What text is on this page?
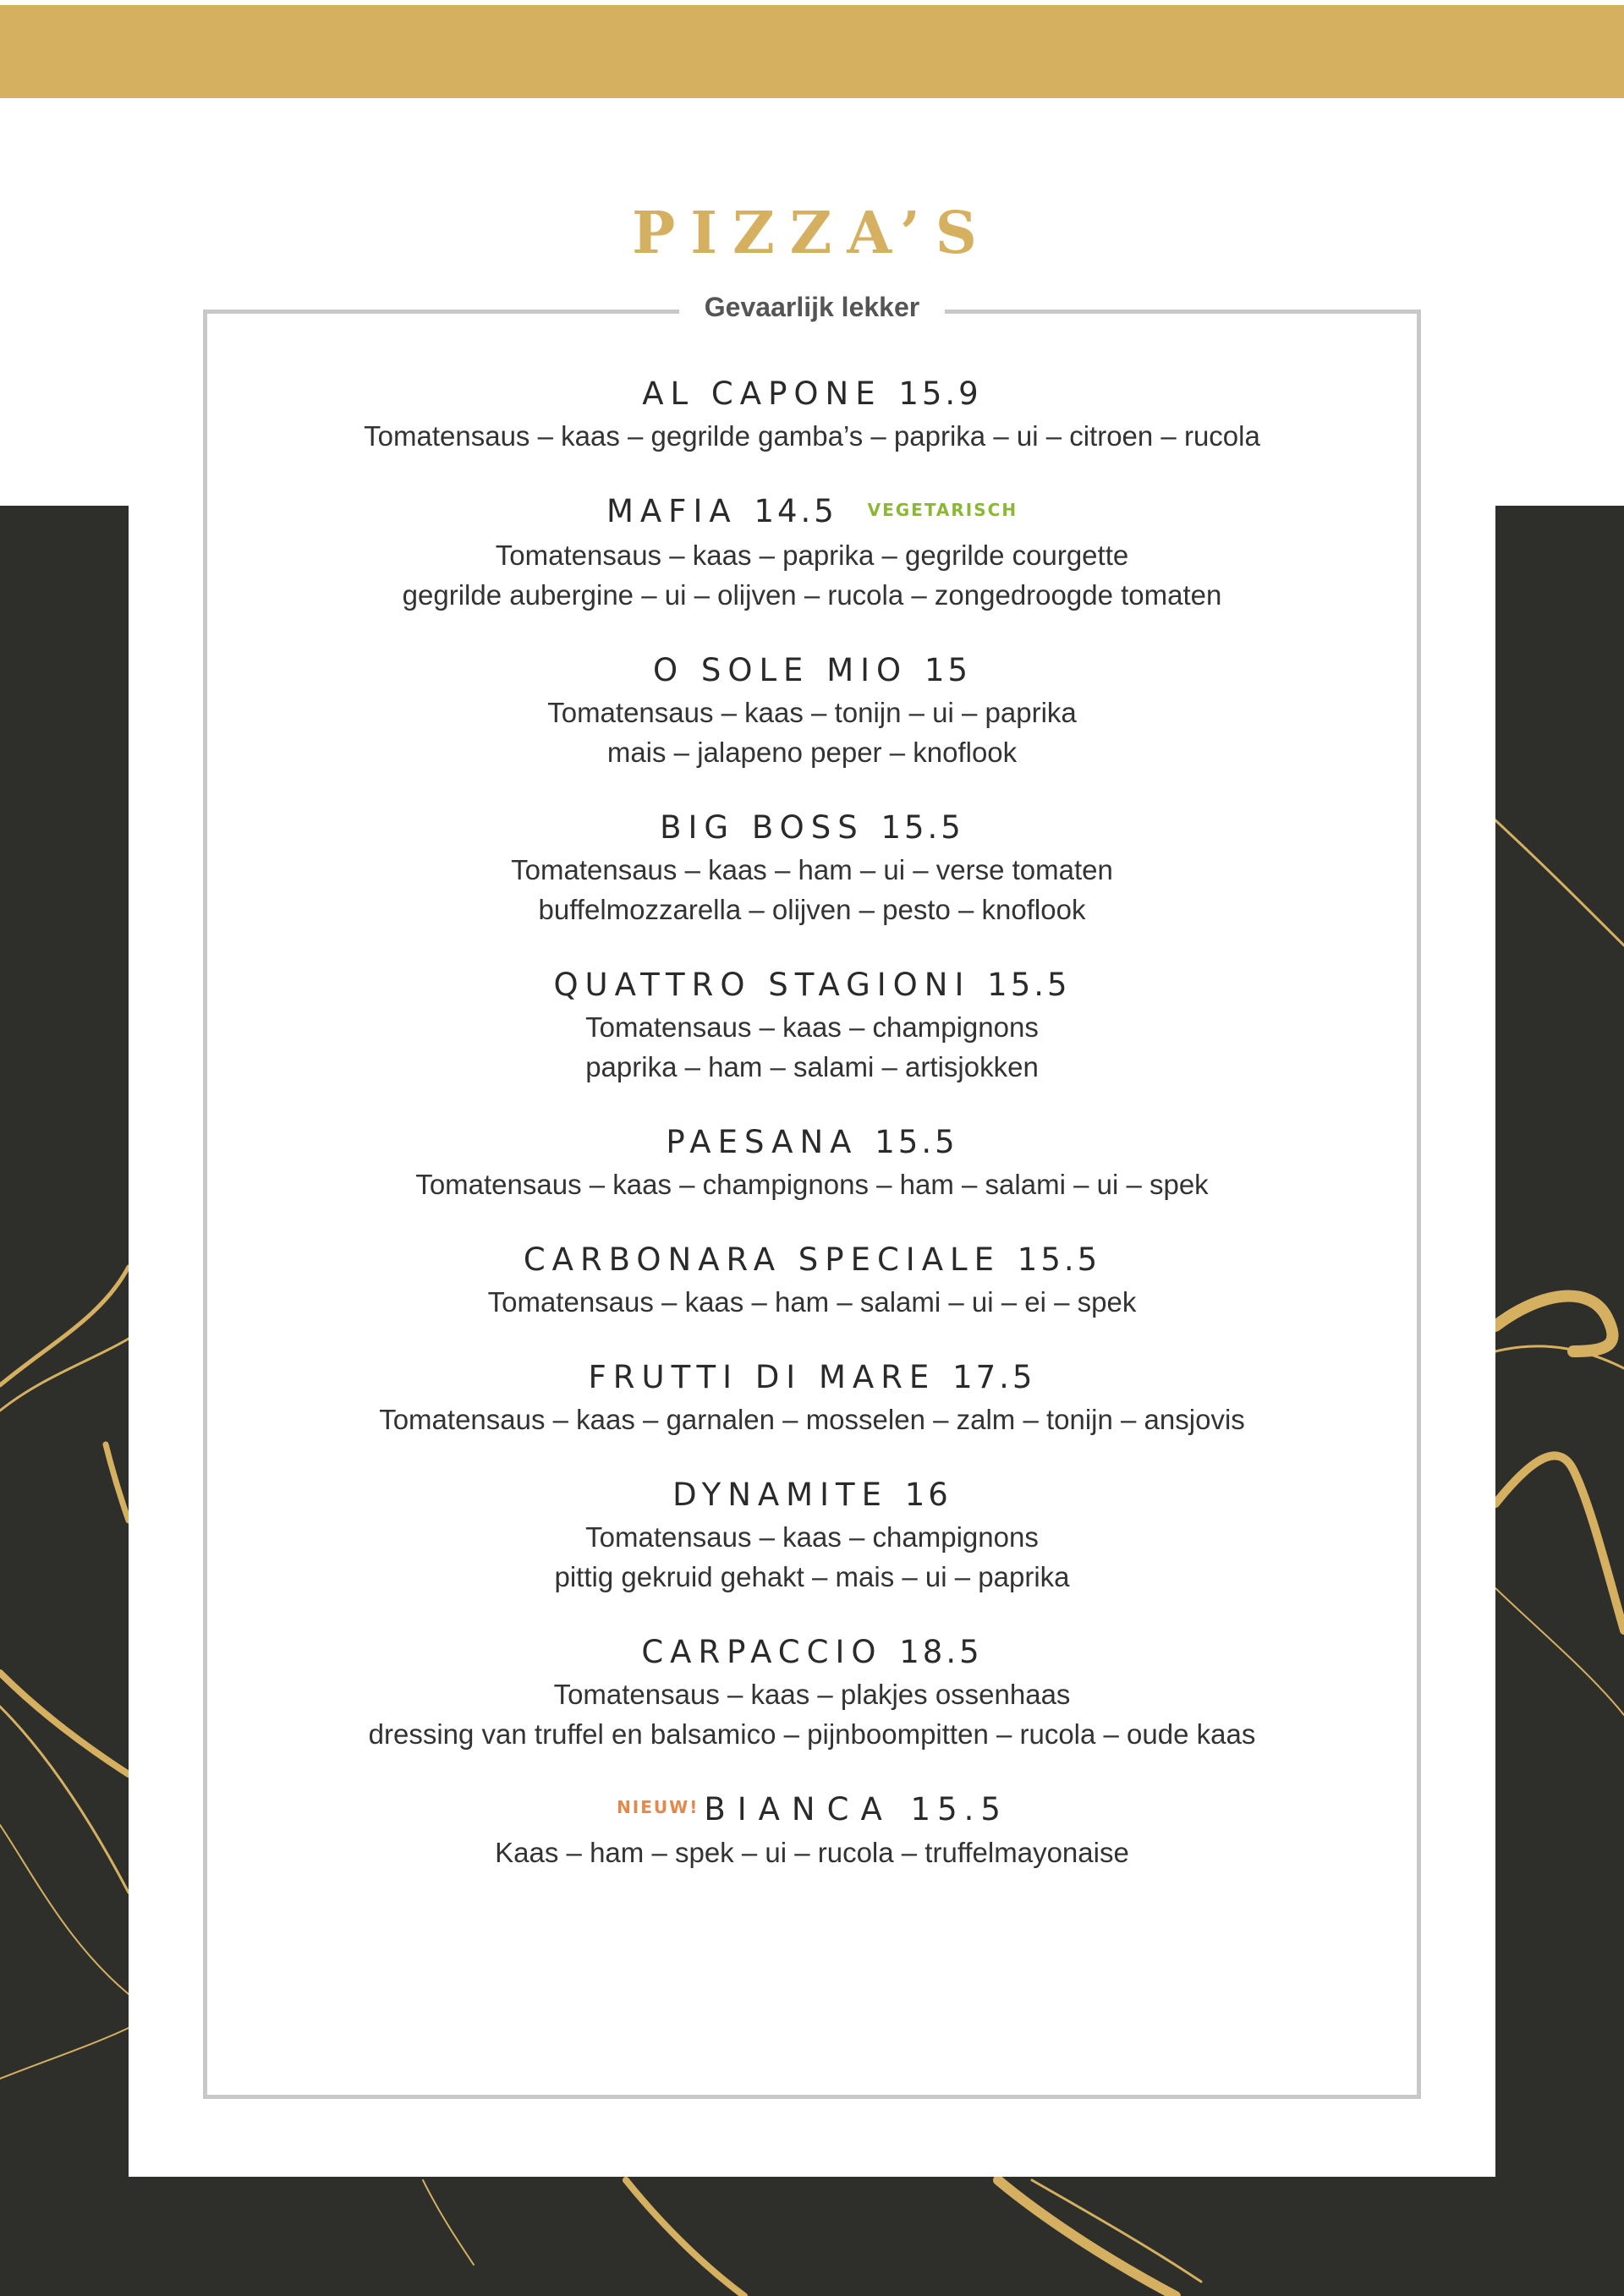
PIZZA’S
Gevaarlijk lekker
AL CAPONE 15.9
Tomatensaus – kaas – gegrilde gamba’s – paprika – ui – citroen – rucola
MAFIA 14.5 VEGETARISCH
Tomatensaus – kaas – paprika – gegrilde courgette
gegrilde aubergine – ui – olijven – rucola – zongedroogde tomaten
O SOLE MIO 15
Tomatensaus – kaas – tonijn – ui – paprika
mais – jalapeno peper – knoflook
BIG BOSS 15.5
Tomatensaus – kaas – ham – ui – verse tomaten
buffelmozzarella – olijven – pesto – knoflook
QUATTRO STAGIONI 15.5
Tomatensaus – kaas – champignons
paprika – ham – salami – artisjokken
PAESANA 15.5
Tomatensaus – kaas – champignons – ham – salami – ui – spek
CARBONARA SPECIALE 15.5
Tomatensaus – kaas – ham – salami – ui – ei – spek
FRUTTI DI MARE 17.5
Tomatensaus – kaas – garnalen – mosselen – zalm – tonijn – ansjovis
DYNAMITE 16
Tomatensaus – kaas – champignons
pittig gekruid gehakt – mais – ui – paprika
CARPACCIO 18.5
Tomatensaus – kaas – plakjes ossenhaas
dressing van truffel en balsamico – pijnboompitten – rucola – oude kaas
NIEUW! BIANCA 15.5
Kaas – ham – spek – ui – rucola – truffelmayonaise
